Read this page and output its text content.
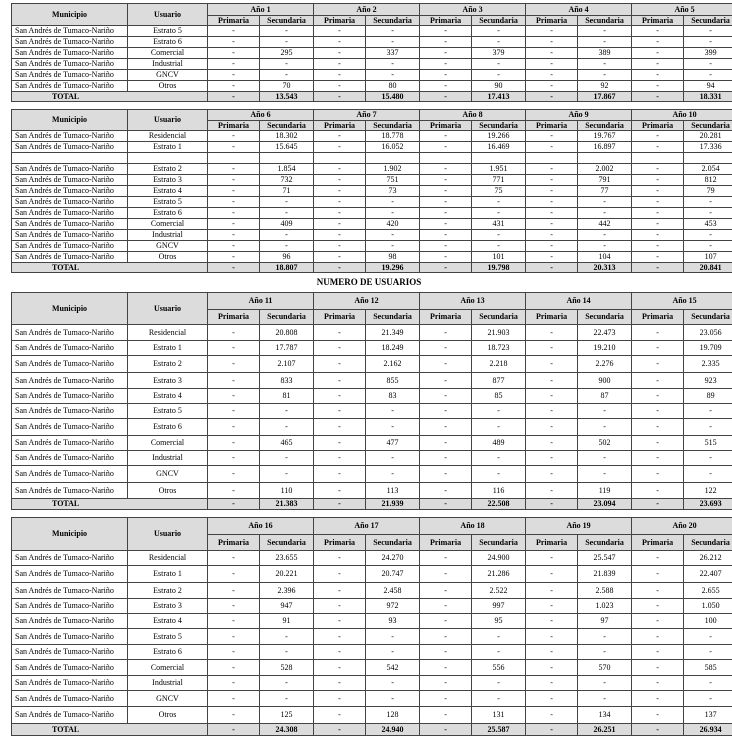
Municipio	Usuario	Año 1		Año 2		Año 3		Año 4		Año 5	
		Primaria	Secundaria	Primaria	Secundaria	Primaria	Secundaria	Primaria	Secundaria	Primaria	Secundaria
San Andrés de Tumaco-Nariño	Estrato 5	-	-	-	-	-	-	-	-	-	-
San Andrés de Tumaco-Nariño	Estrato 6	-	-	-	-	-	-	-	-	-	-
San Andrés de Tumaco-Nariño	Comercial	-	295	-	337	-	379	-	389	-	399
San Andrés de Tumaco-Nariño	Industrial	-	-	-	-	-	-	-	-	-	-
San Andrés de Tumaco-Nariño	GNCV	-	-	-	-	-	-	-	-	-	-
San Andrés de Tumaco-Nariño	Otros	-	70	-	80	-	90	-	92	-	94
TOTAL		-	13.543	-	15.480	-	17.413	-	17.867	-	18.331
Municipio	Usuario	Año 6		Año 7		Año 8		Año 9		Año 10	
		Primaria	Secundaria	Primaria	Secundaria	Primaria	Secundaria	Primaria	Secundaria	Primaria	Secundaria
San Andrés de Tumaco-Nariño	Residencial	-	18.302	-	18.778	-	19.266	-	19.767	-	20.281
San Andrés de Tumaco-Nariño	Estrato 1	-	15.645	-	16.052	-	16.469	-	16.897	-	17.336

San Andrés de Tumaco-Nariño	Estrato 2	-	1.854	-	1.902	-	1.951	-	2.002	-	2.054
San Andrés de Tumaco-Nariño	Estrato 3	-	732	-	751	-	771	-	791	-	812
San Andrés de Tumaco-Nariño	Estrato 4	-	71	-	73	-	75	-	77	-	79
San Andrés de Tumaco-Nariño	Estrato 5	-	-	-	-	-	-	-	-	-	-
San Andrés de Tumaco-Nariño	Estrato 6	-	-	-	-	-	-	-	-	-	-
San Andrés de Tumaco-Nariño	Comercial	-	409	-	420	-	431	-	442	-	453
San Andrés de Tumaco-Nariño	Industrial	-	-	-	-	-	-	-	-	-	-
San Andrés de Tumaco-Nariño	GNCV	-	-	-	-	-	-	-	-	-	-
San Andrés de Tumaco-Nariño	Otros	-	96	-	98	-	101	-	104	-	107
TOTAL		-	18.807	-	19.296	-	19.798	-	20.313	-	20.841
NUMERO DE USUARIOS
Municipio	Usuario	Año 11		Año 12		Año 13		Año 14		Año 15	
		Primaria	Secundaria	Primaria	Secundaria	Primaria	Secundaria	Primaria	Secundaria	Primaria	Secundaria
San Andrés de Tumaco-Nariño	Residencial	-	20.808	-	21.349	-	21.903	-	22.473	-	23.056
San Andrés de Tumaco-Nariño	Estrato 1	-	17.787	-	18.249	-	18.723	-	19.210	-	19.709
San Andrés de Tumaco-Nariño	Estrato 2	-	2.107	-	2.162	-	2.218	-	2.276	-	2.335
San Andrés de Tumaco-Nariño	Estrato 3	-	833	-	855	-	877	-	900	-	923
San Andrés de Tumaco-Nariño	Estrato 4	-	81	-	83	-	85	-	87	-	89
San Andrés de Tumaco-Nariño	Estrato 5	-	-	-	-	-	-	-	-	-	-
San Andrés de Tumaco-Nariño	Estrato 6	-	-	-	-	-	-	-	-	-	-
San Andrés de Tumaco-Nariño	Comercial	-	465	-	477	-	489	-	502	-	515
San Andrés de Tumaco-Nariño	Industrial	-	-	-	-	-	-	-	-	-	-
San Andrés de Tumaco-Nariño	GNCV	-	-	-	-	-	-	-	-	-	-
San Andrés de Tumaco-Nariño	Otros	-	110	-	113	-	116	-	119	-	122
TOTAL		-	21.383	-	21.939	-	22.508	-	23.094	-	23.693
Municipio	Usuario	Año 16		Año 17		Año 18		Año 19		Año 20	
		Primaria	Secundaria	Primaria	Secundaria	Primaria	Secundaria	Primaria	Secundaria	Primaria	Secundaria
San Andrés de Tumaco-Nariño	Residencial	-	23.655	-	24.270	-	24.900	-	25.547	-	26.212
San Andrés de Tumaco-Nariño	Estrato 1	-	20.221	-	20.747	-	21.286	-	21.839	-	22.407
San Andrés de Tumaco-Nariño	Estrato 2	-	2.396	-	2.458	-	2.522	-	2.588	-	2.655
San Andrés de Tumaco-Nariño	Estrato 3	-	947	-	972	-	997	-	1.023	-	1.050
San Andrés de Tumaco-Nariño	Estrato 4	-	91	-	93	-	95	-	97	-	100
San Andrés de Tumaco-Nariño	Estrato 5	-	-	-	-	-	-	-	-	-	-
San Andrés de Tumaco-Nariño	Estrato 6	-	-	-	-	-	-	-	-	-	-
San Andrés de Tumaco-Nariño	Comercial	-	528	-	542	-	556	-	570	-	585
San Andrés de Tumaco-Nariño	Industrial	-	-	-	-	-	-	-	-	-	-
San Andrés de Tumaco-Nariño	GNCV	-	-	-	-	-	-	-	-	-	-
San Andrés de Tumaco-Nariño	Otros	-	125	-	128	-	131	-	134	-	137
TOTAL		-	24.308	-	24.940	-	25.587	-	26.251	-	26.934
